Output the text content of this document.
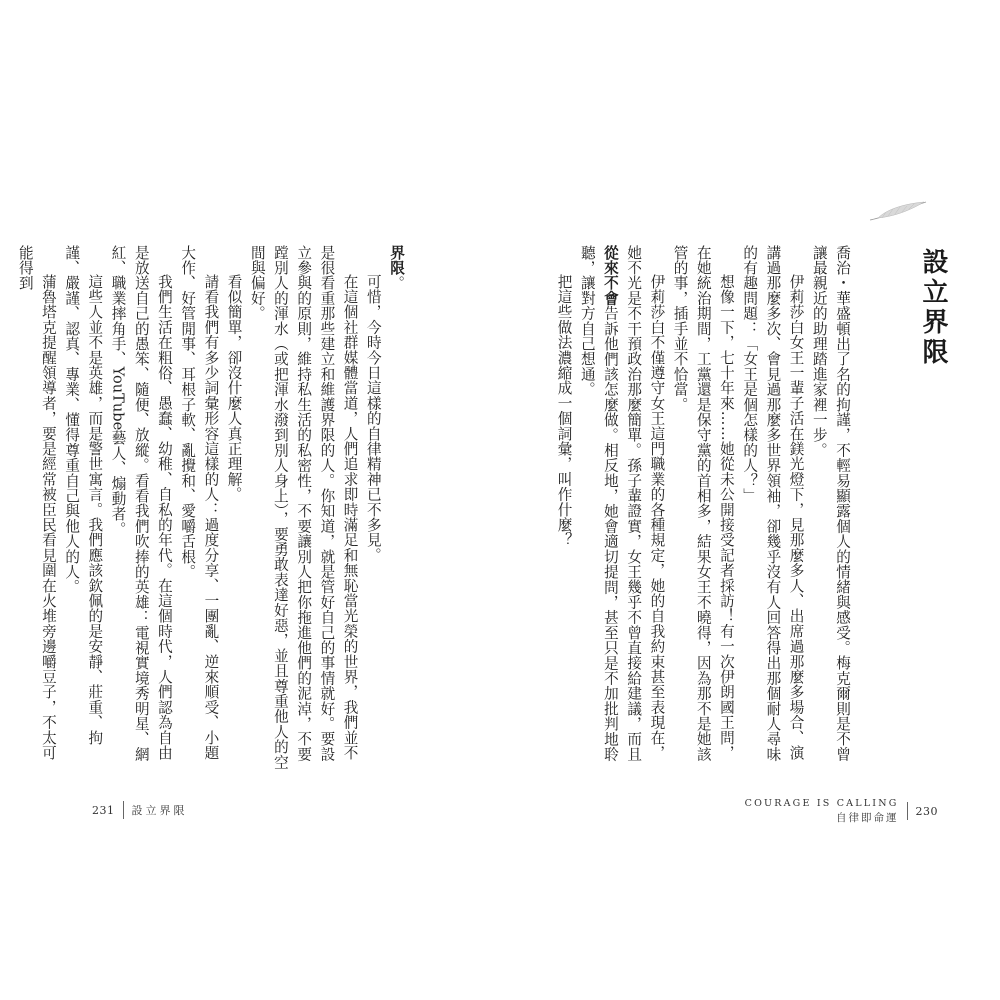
設立界限

喬治・華盛頓出了名的拘謹，不輕易顯露個人的情緒與感受。梅克爾則是不曾讓最親近的助理踏進家裡一步。

伊莉莎白女王一輩子活在鎂光燈下，見那麼多人、出席過那麼多場合、演講過那麼多次、會見過那麼多世界領袖，卻幾乎沒有人回答得出那個耐人尋味的有趣問題：「女王是個怎樣的人？」

想像一下，七十年來……她從未公開接受記者採訪！有一次伊朗國王問，在她統治期間，工黨還是保守黨的首相多，結果女王不曉得，因為那不是她該管的事，插手並不恰當。

伊莉莎白不僅遵守女王這門職業的各種規定，她的自我約束甚至表現在，她不光是不干預政治那麼簡單。孫子輩證實，女王幾乎不曾直接給建議，而且從來不會告訴他們該怎麼做。相反地，她會適切提問，甚至只是不加批判地聆聽，讓對方自己想通。

把這些做法濃縮成一個詞彙，叫作什麼？

界限。

可惜，今時今日這樣的自律精神已不多見。

在這個社群媒體當道，人們追求即時滿足和無恥當光榮的世界，我們並不是很看重那些建立和維護界限的人。你知道，就是管好自己的事情就好。要設立參與的原則，維持私生活的私密性，不要讓別人把你拖進他們的泥淖，不要蹚別人的渾水（或把渾水潑到別人身上），要勇敢表達好惡，並且尊重他人的空間與偏好。

看似簡單，卻沒什麼人真正理解。

請看我們有多少詞彙形容這樣的人：過度分享、一團亂、逆來順受、小題大作、好管閒事、耳根子軟、亂攪和、愛嚼舌根。

我們生活在粗俗、愚蠢、幼稚、自私的年代。在這個時代，人們認為自由是放送自己的愚笨、隨便、放縱。看看我們吹捧的英雄：電視實境秀明星、網紅、職業摔角手、YouTube藝人、煽動者。

這些人並不是英雄，而是警世寓言。我們應該欽佩的是安靜、莊重、拘謹、嚴謹、認真、專業、懂得尊重自己與他人的人。

蒲魯塔克提醒領導者，要是經常被臣民看見圍在火堆旁邊嚼豆子，不太可能得到

231 設立界限
COURAGE IS CALLING
自律即命運
230
